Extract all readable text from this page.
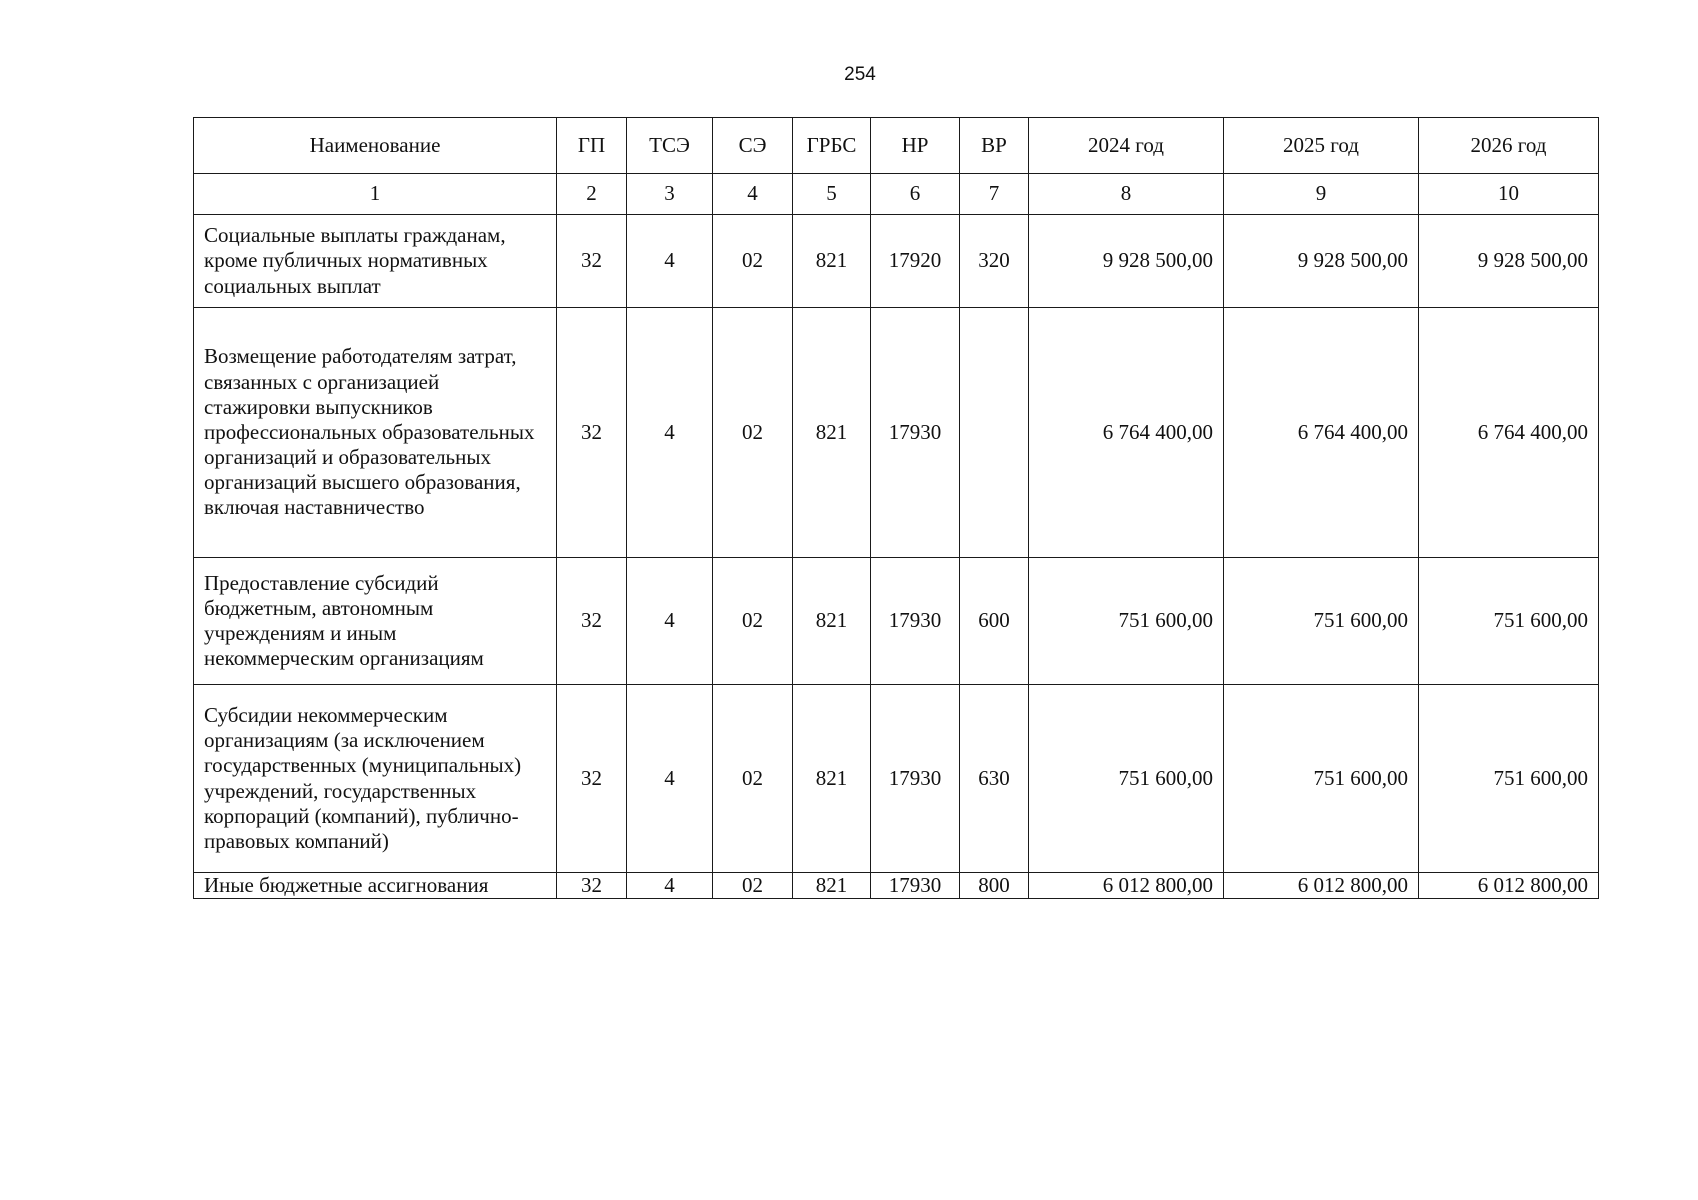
254
Наименование	ГП	ТСЭ	СЭ	ГРБС	НР	ВР	2024 год	2025 год	2026 год
1	2	3	4	5	6	7	8	9	10
Социальные выплаты гражданам, кроме публичных нормативных социальных выплат	32	4	02	821	17920	320	9 928 500,00	9 928 500,00	9 928 500,00
Возмещение работодателям затрат, связанных с организацией стажировки выпускников профессиональных образовательных организаций и образовательных организаций высшего образования, включая наставничество	32	4	02	821	17930		6 764 400,00	6 764 400,00	6 764 400,00
Предоставление субсидий бюджетным, автономным учреждениям и иным некоммерческим организациям	32	4	02	821	17930	600	751 600,00	751 600,00	751 600,00
Субсидии некоммерческим организациям (за исключением государственных (муниципальных) учреждений, государственных корпораций (компаний), публично-правовых компаний)	32	4	02	821	17930	630	751 600,00	751 600,00	751 600,00
Иные бюджетные ассигнования	32	4	02	821	17930	800	6 012 800,00	6 012 800,00	6 012 800,00
